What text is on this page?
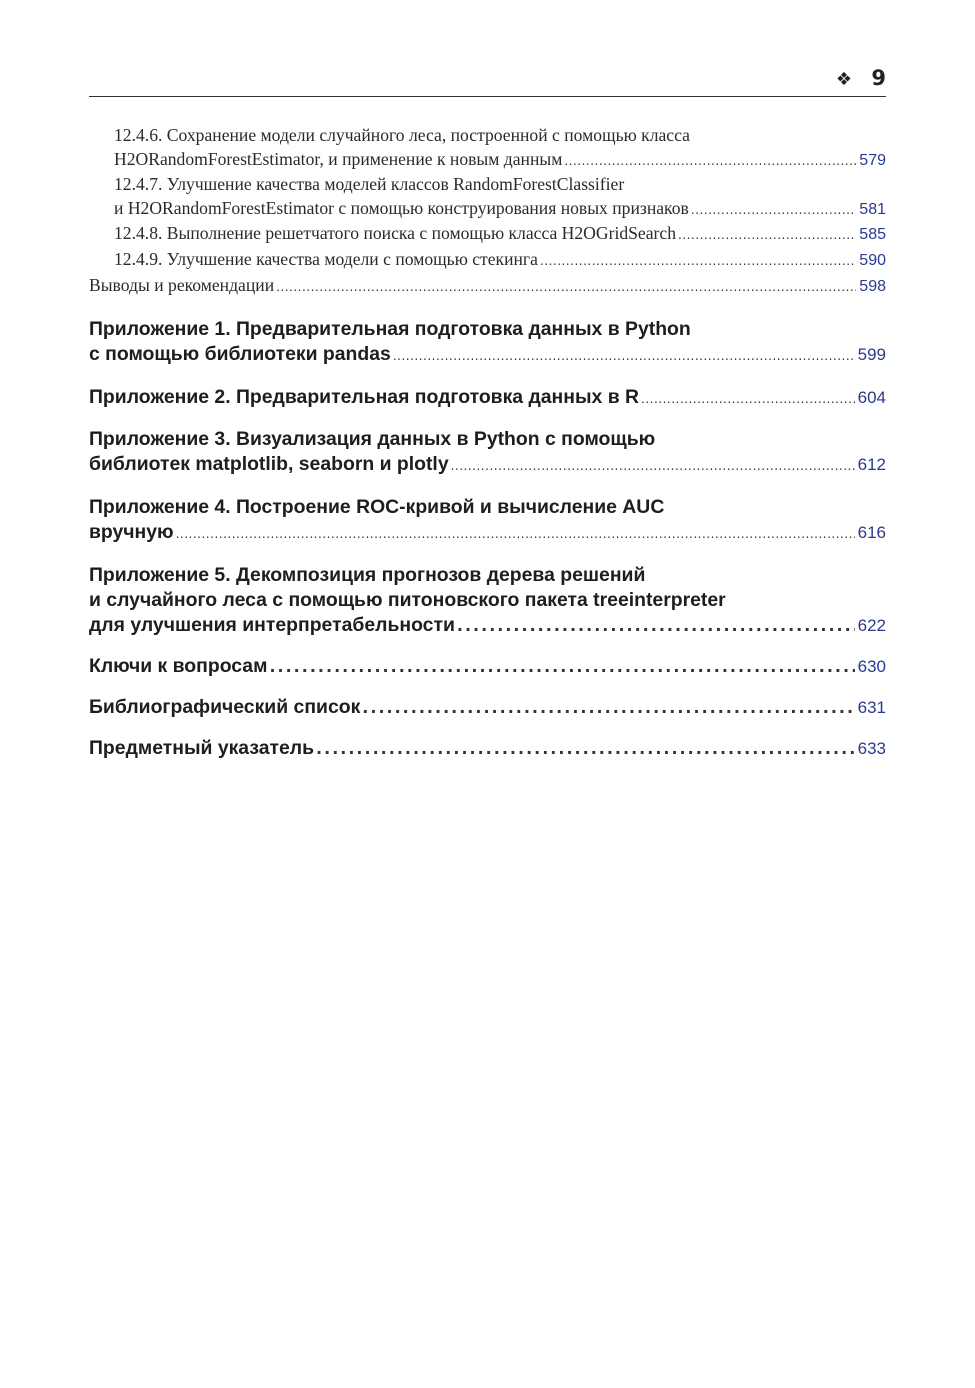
❖ 9
12.4.6. Сохранение модели случайного леса, построенной с помощью класса
H2ORandomForestEstimator, и применение к новым данным .....	579
12.4.7. Улучшение качества моделей классов RandomForestClassifier
и H2ORandomForestEstimator с помощью конструирования новых признаков .....	581
12.4.8. Выполнение решетчатого поиска с помощью класса H2OGridSearch .....	585
12.4.9. Улучшение качества модели с помощью стекинга .....	590
Выводы и рекомендации .....	598
Приложение 1. Предварительная подготовка данных в Python
с помощью библиотеки pandas .....	599
Приложение 2. Предварительная подготовка данных в R .....	604
Приложение 3. Визуализация данных в Python с помощью
библиотек matplotlib, seaborn и plotly .....	612
Приложение 4. Построение ROC-кривой и вычисление AUC
вручную .....	616
Приложение 5. Декомпозиция прогнозов дерева решений
и случайного леса с помощью питоновского пакета treeinterpreter
для улучшения интерпретабельности .....	622
Ключи к вопросам .....	630
Библиографический список .....	631
Предметный указатель .....	633
